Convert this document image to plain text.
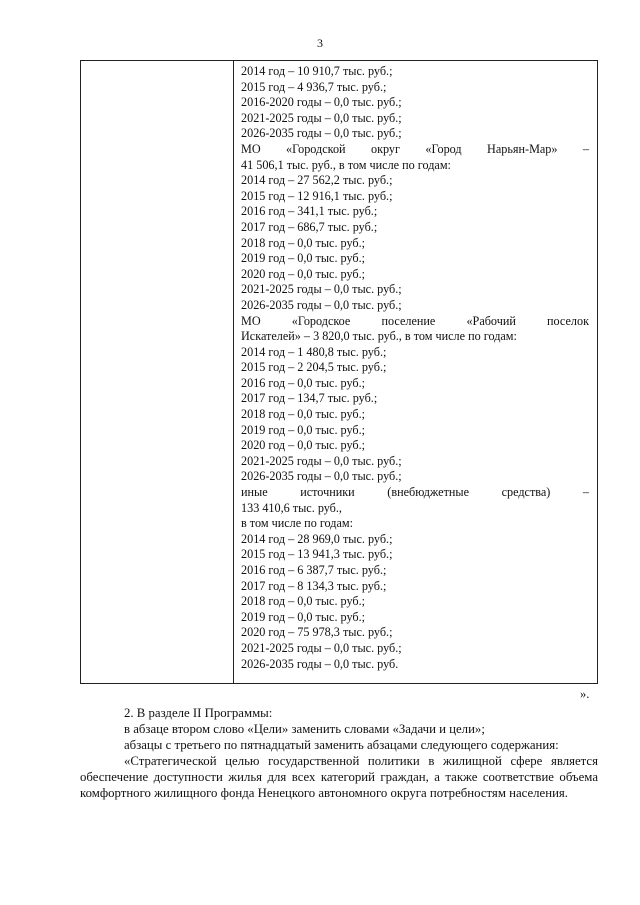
3
2014 год – 10 910,7 тыс. руб.;
2015 год – 4 936,7 тыс. руб.;
2016-2020 годы – 0,0 тыс. руб.;
2021-2025 годы – 0,0 тыс. руб.;
2026-2035 годы – 0,0 тыс. руб.;
МО «Городской округ «Город Нарьян-Мар» –
41 506,1 тыс. руб., в том числе по годам:
2014 год – 27 562,2 тыс. руб.;
2015 год – 12 916,1 тыс. руб.;
2016 год – 341,1 тыс. руб.;
2017 год – 686,7 тыс. руб.;
2018 год – 0,0 тыс. руб.;
2019 год – 0,0 тыс. руб.;
2020 год – 0,0 тыс. руб.;
2021-2025 годы – 0,0 тыс. руб.;
2026-2035 годы – 0,0 тыс. руб.;
МО «Городское поселение «Рабочий поселок
Искателей» – 3 820,0 тыс. руб., в том числе по годам:
2014 год – 1 480,8 тыс. руб.;
2015 год – 2 204,5 тыс. руб.;
2016 год – 0,0 тыс. руб.;
2017 год – 134,7 тыс. руб.;
2018 год – 0,0 тыс. руб.;
2019 год – 0,0 тыс. руб.;
2020 год – 0,0 тыс. руб.;
2021-2025 годы – 0,0 тыс. руб.;
2026-2035 годы – 0,0 тыс. руб.;
иные источники (внебюджетные средства) –
133 410,6 тыс. руб.,
в том числе по годам:
2014 год – 28 969,0 тыс. руб.;
2015 год – 13 941,3 тыс. руб.;
2016 год – 6 387,7 тыс. руб.;
2017 год – 8 134,3 тыс. руб.;
2018 год – 0,0 тыс. руб.;
2019 год – 0,0 тыс. руб.;
2020 год – 75 978,3 тыс. руб.;
2021-2025 годы – 0,0 тыс. руб.;
2026-2035 годы – 0,0 тыс. руб.
».
2. В разделе II Программы:
в абзаце втором слово «Цели» заменить словами «Задачи и цели»;
абзацы с третьего по пятнадцатый заменить абзацами следующего содержания:
«Стратегической целью государственной политики в жилищной сфере является обеспечение доступности жилья для всех категорий граждан, а также соответствие объема комфортного жилищного фонда Ненецкого автономного округа потребностям населения.
